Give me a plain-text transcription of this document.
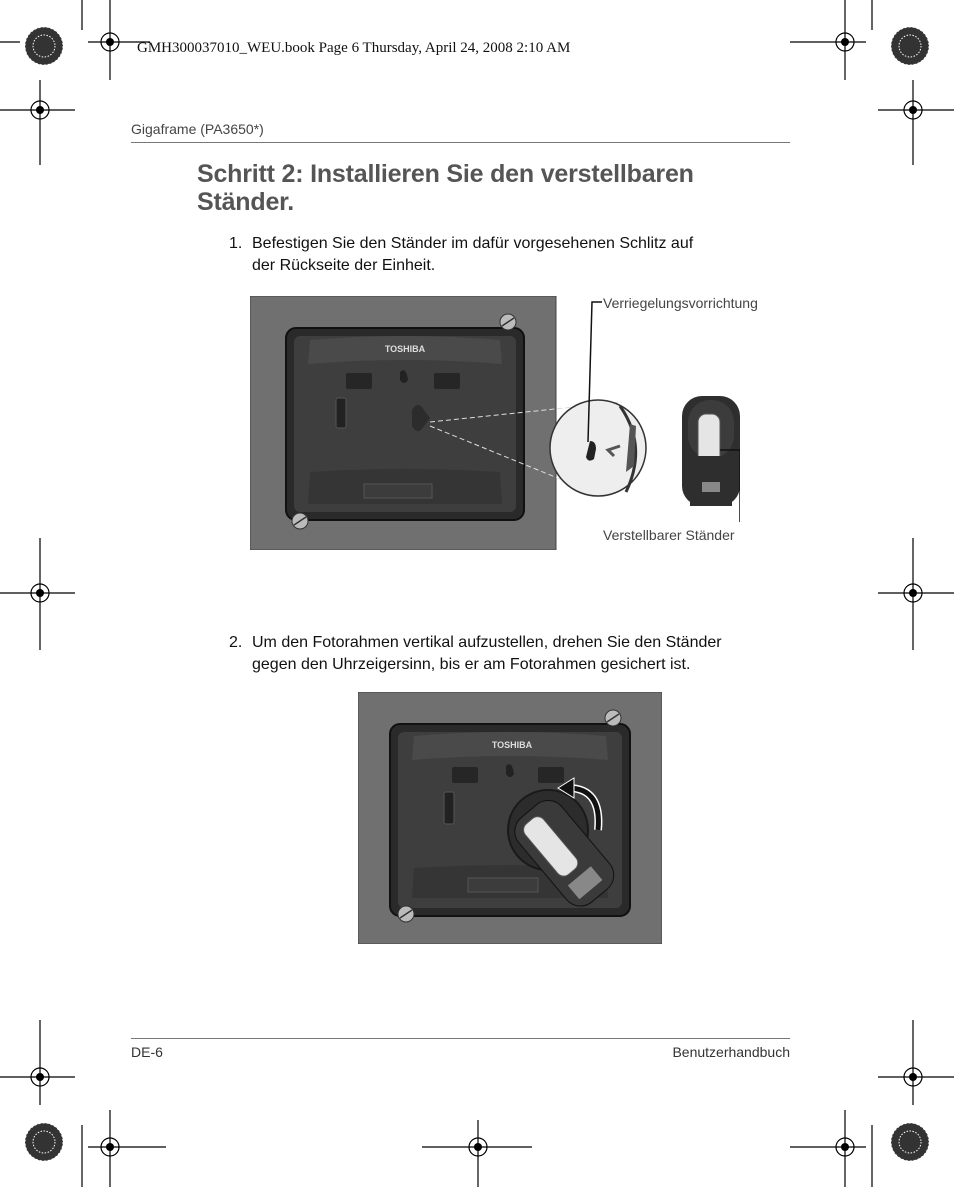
GMH300037010_WEU.book Page 6 Thursday, April 24, 2008 2:10 AM
Gigaframe (PA3650*)
Schritt 2: Installieren Sie den verstellbaren
Ständer.
1. Befestigen Sie den Ständer im dafür vorgesehenen Schlitz auf
der Rückseite der Einheit.
TOSHIBA
Verriegelungsvorrichtung
Verstellbarer Ständer
2. Um den Fotorahmen vertikal aufzustellen, drehen Sie den Ständer
gegen den Uhrzeigersinn, bis er am Fotorahmen gesichert ist.
TOSHIBA
DE-6	Benutzerhandbuch
